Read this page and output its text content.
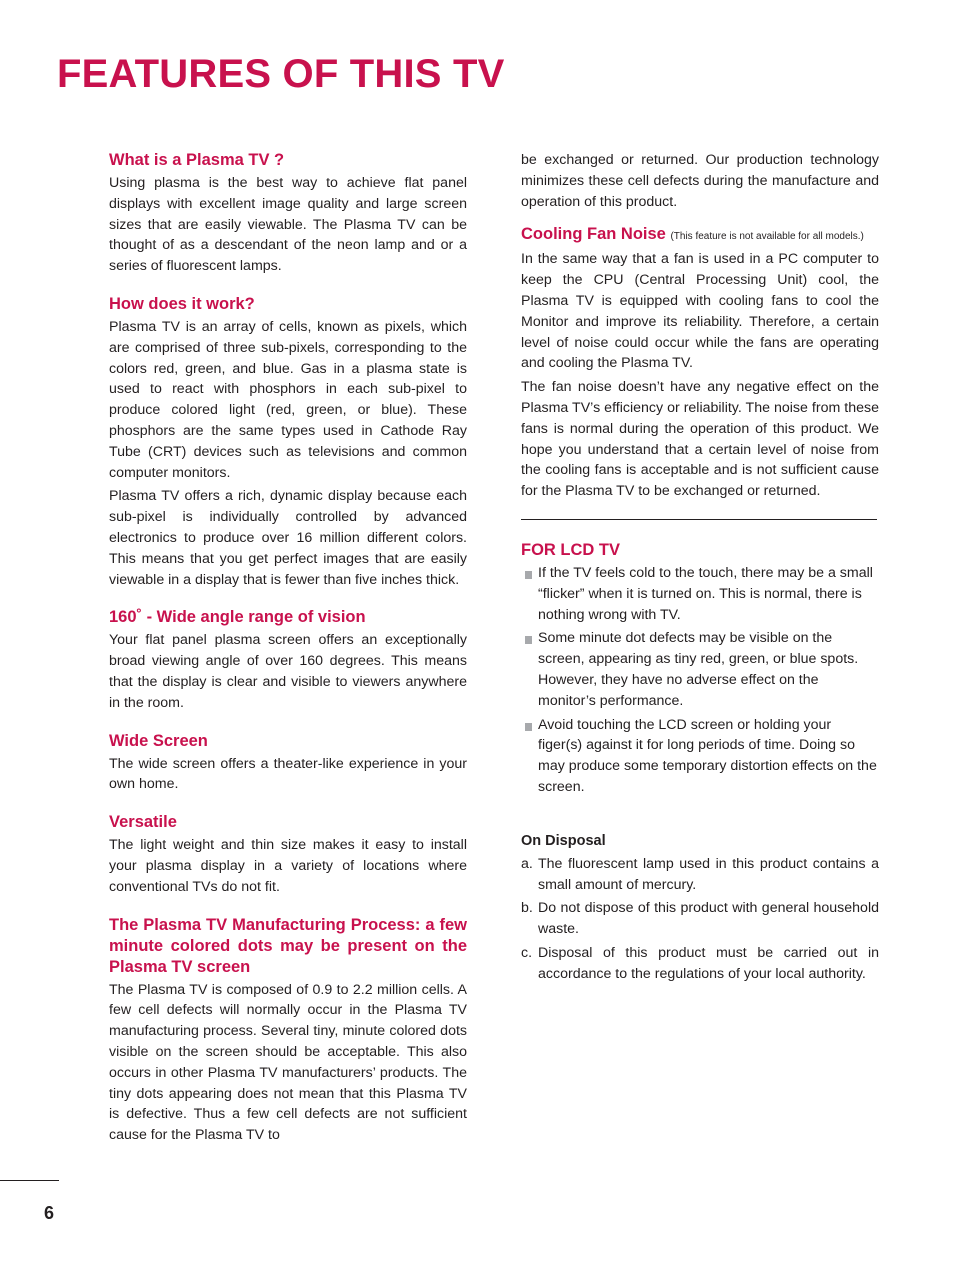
FEATURES OF THIS TV
What is a Plasma TV ?

Using plasma is the best way to achieve flat panel displays with excellent image quality and large screen sizes that are easily viewable. The Plasma TV can be thought of as a descendant of the neon lamp and or a series of fluorescent lamps.

How does it work?

Plasma TV is an array of cells, known as pixels, which are comprised of three sub-pixels, corresponding to the colors red, green, and blue. Gas in a plasma state is used to react with phosphors in each sub-pixel to produce colored light (red, green, or blue). These phosphors are the same types used in Cathode Ray Tube (CRT) devices such as televisions and common computer monitors.

Plasma TV offers a rich, dynamic display because each sub-pixel is individually controlled by advanced electronics to produce over 16 million different colors. This means that you get perfect images that are easily viewable in a display that is fewer than five inches thick.

160˚ - Wide angle range of vision

Your flat panel plasma screen offers an exceptionally broad viewing angle of over 160 degrees. This means that the display is clear and visible to viewers anywhere in the room.

Wide Screen

The wide screen offers a theater-like experience in your own home.

Versatile

The light weight and thin size makes it easy to install your plasma display in a variety of locations where conventional TVs do not fit.

The Plasma TV Manufacturing Process: a few minute colored dots may be present on the Plasma TV screen

The Plasma TV is composed of 0.9 to 2.2 million cells. A few cell defects will normally occur in the Plasma TV manufacturing process. Several tiny, minute colored dots visible on the screen should be acceptable. This also occurs in other Plasma TV manufacturers’ products. The tiny dots appearing does not mean that this Plasma TV is defective. Thus a few cell defects are not sufficient cause for the Plasma TV to

be exchanged or returned. Our production technology minimizes these cell defects during the manufacture and operation of this product.

Cooling Fan Noise (This feature is not available for all models.)

In the same way that a fan is used in a PC computer to keep the CPU (Central Processing Unit) cool, the Plasma TV is equipped with cooling fans to cool the Monitor and improve its reliability. Therefore, a certain level of noise could occur while the fans are operating and cooling the Plasma TV.

The fan noise doesn’t have any negative effect on the Plasma TV’s efficiency or reliability. The noise from these fans is normal during the operation of this product. We hope you understand that a certain level of noise from the cooling fans is acceptable and is not sufficient cause for the Plasma TV to be exchanged or returned.

FOR LCD TV
If the TV feels cold to the touch, there may be a small “flicker” when it is turned on. This is normal, there is nothing wrong with TV.
Some minute dot defects may be visible on the screen, appearing as tiny red, green, or blue spots. However, they have no adverse effect on the monitor’s performance.
Avoid touching the LCD screen or holding your figer(s) against it for long periods of time. Doing so may produce some temporary distortion effects on the screen.
On Disposal
a. The fluorescent lamp used in this product contains a small amount of mercury.
b. Do not dispose of this product with general household waste.
c. Disposal of this product must be carried out in accordance to the regulations of your local authority.
6
